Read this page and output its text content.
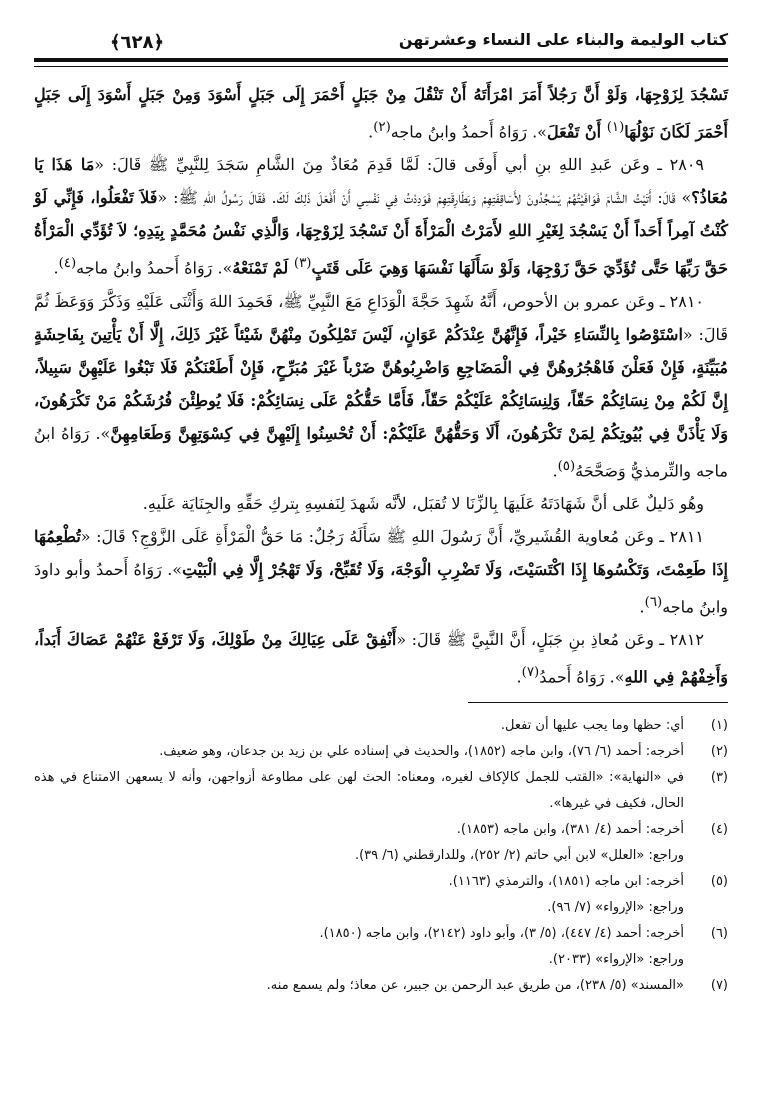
كتاب الوليمة والبناء على النساء وعشرتهن
﴿٦٢٨﴾

تَسْجُدَ لِزَوْجِهَا، وَلَوْ أَنَّ رَجُلاً أَمَرَ امْرَأَتَهُ أَنْ تَنْقُلَ مِنْ جَبَلٍ أَحْمَرَ إِلَى جَبَلٍ أَسْوَدَ وَمِنْ جَبَلٍ أَسْوَدَ إِلَى جَبَلٍ أَحْمَرَ لَكَانَ نَوْلُهَا$^{(١)}$ أَنْ تَفْعَلَ». رَوَاهُ أَحمدُ وابنُ ماجه$^{(٢)}$.

٢٨٠٩ ـ وعَن عَبدِ اللهِ بنِ أبي أَوفَى قالَ: لَمَّا قَدِمَ مُعَاذٌ مِنَ الشَّامِ سَجَدَ لِلنَّبِيِّ ﷺ قَالَ: «مَا هَذَا يَا مُعَاذُ؟» قَالَ: أَتَيْتُ الشَّامَ فَوَافَيْتُهُمْ يَسْجُدُونَ لأَسَاقِفَتِهِمْ وَبَطَارِقَتِهِمْ فَوَدِدْتُ فِي نَفْسِي أَنْ أَفْعَلَ ذَلِكَ لَكَ. فَقَالَ رَسُولُ اللهِ ﷺ: «فَلاَ تَفْعَلُوا، فَإِنِّي لَوْ كُنْتُ آمِراً أَحَداً أَنْ يَسْجُدَ لِغَيْرِ اللهِ لأَمَرْتُ الْمَرْأَةَ أَنْ تَسْجُدَ لِزَوْجِهَا، وَالَّذِي نَفْسُ مُحَمَّدٍ بِيَدِهِ؛ لاَ تُؤَدِّي الْمَرْأَةُ حَقَّ رَبِّهَا حَتَّى تُؤَدِّيَ حَقَّ زَوْجِهَا، وَلَوْ سَأَلَهَا نَفْسَهَا وَهِيَ عَلَى قَتَبٍ$^{(٣)}$ لَمْ تَمْنَعْهُ». رَوَاهُ أَحمدُ وابنُ ماجه$^{(٤)}$.

٢٨١٠ ـ وعَن عمرو بن الأحوص، أَنَّهُ شَهِدَ حَجَّةَ الْوَدَاعِ مَعَ النَّبِيِّ ﷺ، فَحَمِدَ اللهَ وَأَثْنَى عَلَيْهِ وَذَكَّرَ وَوَعَظَ ثُمَّ قَالَ: «اسْتَوْصُوا بِالنِّسَاءِ خَيْراً، فَإِنَّهُنَّ عِنْدَكُمْ عَوَانٍ، لَيْسَ تَمْلِكُونَ مِنْهُنَّ شَيْئاً غَيْرَ ذَلِكَ، إِلَّا أَنْ يَأْتِينَ بِفَاحِشَةٍ مُبَيِّنَةٍ، فَإِنْ فَعَلْنَ فَاهْجُرُوهُنَّ فِي الْمَضَاجِعِ وَاضْرِبُوهُنَّ ضَرْباً غَيْرَ مُبَرِّحٍ، فَإِنْ أَطَعْنَكُمْ فَلَا تَبْغُوا عَلَيْهِنَّ سَبِيلاً، إِنَّ لَكُمْ مِنْ نِسَائِكُمْ حَقّاً، وَلِنِسَائِكُمْ عَلَيْكُمْ حَقّاً، فَأَمَّا حَقُّكُمْ عَلَى نِسَائِكُمْ: فَلَا يُوطِئْنَ فُرُشَكُمْ مَنْ تَكْرَهُونَ، وَلَا يَأْذَنَّ فِي بُيُوتِكُمْ لِمَنْ تَكْرَهُونَ، أَلَا وَحَقُّهُنَّ عَلَيْكُمْ: أَنْ تُحْسِنُوا إِلَيْهِنَّ فِي كِسْوَتِهِنَّ وَطَعَامِهِنَّ». رَوَاهُ ابنُ ماجه والتِّرمذيُّ وَصَحَّحَهُ$^{(٥)}$.

وهُو دَليلٌ عَلى أنَّ شَهَادَتَهُ عَلَيهَا بِالزِّنَا لا تُقبَل، لأنَّه شَهدَ لِنَفسِهِ بِتركِ حَقِّهِ والجِنَايَة عَلَيهِ.

٢٨١١ ـ وعَن مُعاوية القُشَيريِّ، أَنَّ رَسُولَ اللهِ ﷺ سَأَلَهُ رَجُلٌ: مَا حَقُّ الْمَرْأَةِ عَلَى الزَّوْجِ؟ قَالَ: «تُطْعِمُهَا إِذَا طَعِمْتَ، وَتَكْسُوهَا إِذَا اكْتَسَيْتَ، وَلَا تَضْرِبِ الْوَجْهَ، وَلَا تُقَبِّحْ، وَلَا تَهْجُرْ إِلَّا فِي الْبَيْتِ». رَوَاهُ أَحمدُ وأبو داودَ وابنُ ماجه$^{(٦)}$.

٢٨١٢ ـ وعَن مُعاذِ بنِ جَبَلٍ، أَنَّ النَّبِيَّ ﷺ قَالَ: «أَنْفِقْ عَلَى عِيَالِكَ مِنْ طَوْلِكَ، وَلَا تَرْفَعْ عَنْهُمْ عَصَاكَ أَبَداً، وَأَخِفْهُمْ فِي اللهِ». رَوَاهُ أَحمدُ$^{(٧)}$.

(١)
أي: حظها وما يجب عليها أن تفعل.
(٢)
أخرجه: أحمد (٦/ ٧٦)، وابن ماجه (١٨٥٢)، والحديث في إسناده علي بن زيد بن جدعان، وهو ضعيف.
(٣)
في «النهاية»: «القتب للجمل كالإكاف لغيره، ومعناه: الحث لهن على مطاوعة أزواجهن، وأنه لا يسعهن الامتناع في هذه الحال، فكيف في غيرها».
(٤)
أخرجه: أحمد (٤/ ٣٨١)، وابن ماجه (١٨٥٣).
وراجع: «العلل» لابن أبي حاتم (٢/ ٢٥٢)، وللدارقطني (٦/ ٣٩).
(٥)
أخرجه: ابن ماجه (١٨٥١)، والترمذي (١١٦٣).
وراجع: «الإرواء» (٧/ ٩٦).
(٦)
أخرجه: أحمد (٤/ ٤٤٧)، (٥/ ٣)، وأبو داود (٢١٤٢)، وابن ماجه (١٨٥٠).
وراجع: «الإرواء» (٢٠٣٣).
(٧)
«المسند» (٥/ ٢٣٨)، من طريق عبد الرحمن بن جبير، عن معاذ؛ ولم يسمع منه.
